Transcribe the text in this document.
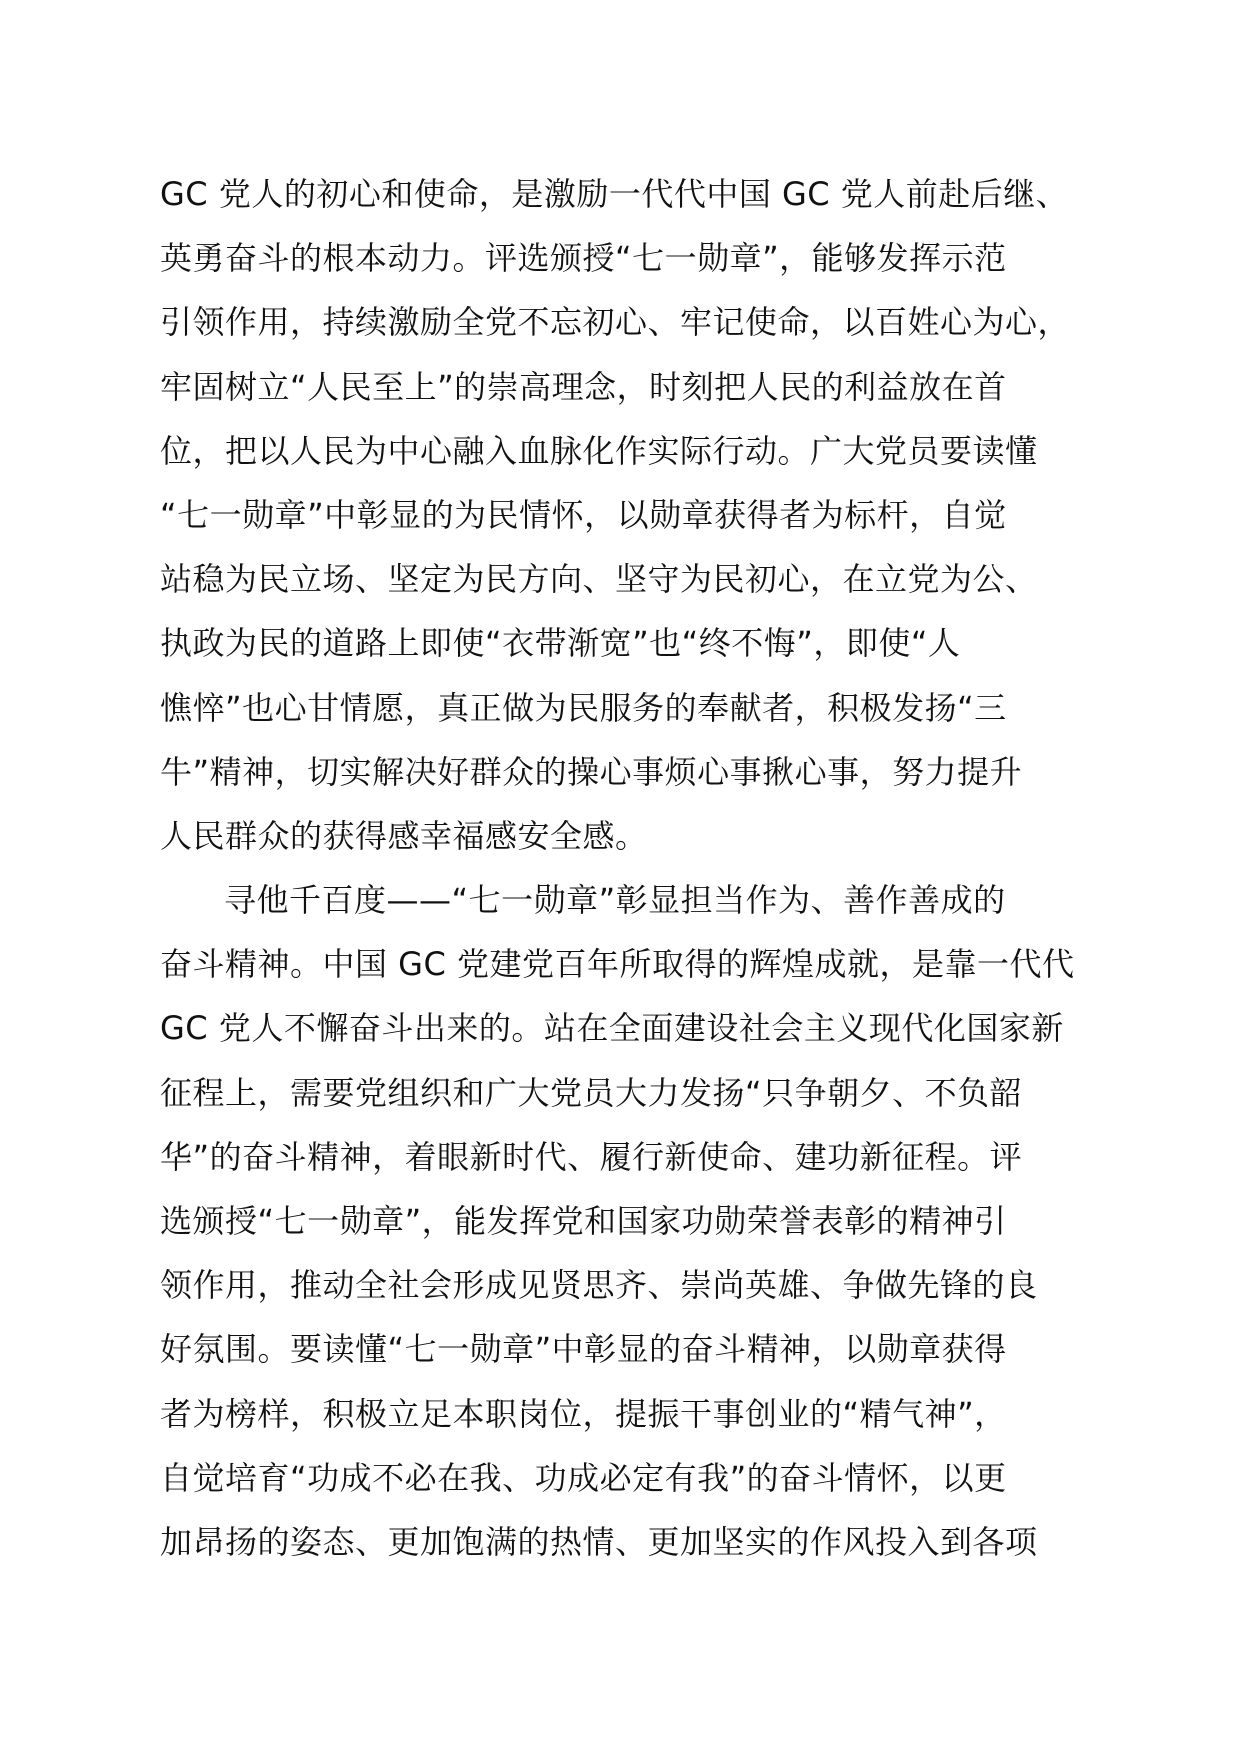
GC 党人的初心和使命，是激励一代代中国 GC 党人前赴后继、
英勇奋斗的根本动力。评选颁授“七一勋章”，能够发挥示范
引领作用，持续激励全党不忘初心、牢记使命，以百姓心为心，
牢固树立“人民至上”的崇高理念，时刻把人民的利益放在首
位，把以人民为中心融入血脉化作实际行动。广大党员要读懂
“七一勋章”中彰显的为民情怀，以勋章获得者为标杆，自觉
站稳为民立场、坚定为民方向、坚守为民初心，在立党为公、
执政为民的道路上即使“衣带渐宽”也“终不悔”，即使“人
憔悴”也心甘情愿，真正做为民服务的奉献者，积极发扬“三
牛”精神，切实解决好群众的操心事烦心事揪心事，努力提升
人民群众的获得感幸福感安全感。
寻他千百度——“七一勋章”彰显担当作为、善作善成的
奋斗精神。中国 GC 党建党百年所取得的辉煌成就，是靠一代代
GC 党人不懈奋斗出来的。站在全面建设社会主义现代化国家新
征程上，需要党组织和广大党员大力发扬“只争朝夕、不负韶
华”的奋斗精神，着眼新时代、履行新使命、建功新征程。评
选颁授“七一勋章”，能发挥党和国家功勋荣誉表彰的精神引
领作用，推动全社会形成见贤思齐、崇尚英雄、争做先锋的良
好氛围。要读懂“七一勋章”中彰显的奋斗精神，以勋章获得
者为榜样，积极立足本职岗位，提振干事创业的“精气神”，
自觉培育“功成不必在我、功成必定有我”的奋斗情怀，以更
加昂扬的姿态、更加饱满的热情、更加坚实的作风投入到各项
